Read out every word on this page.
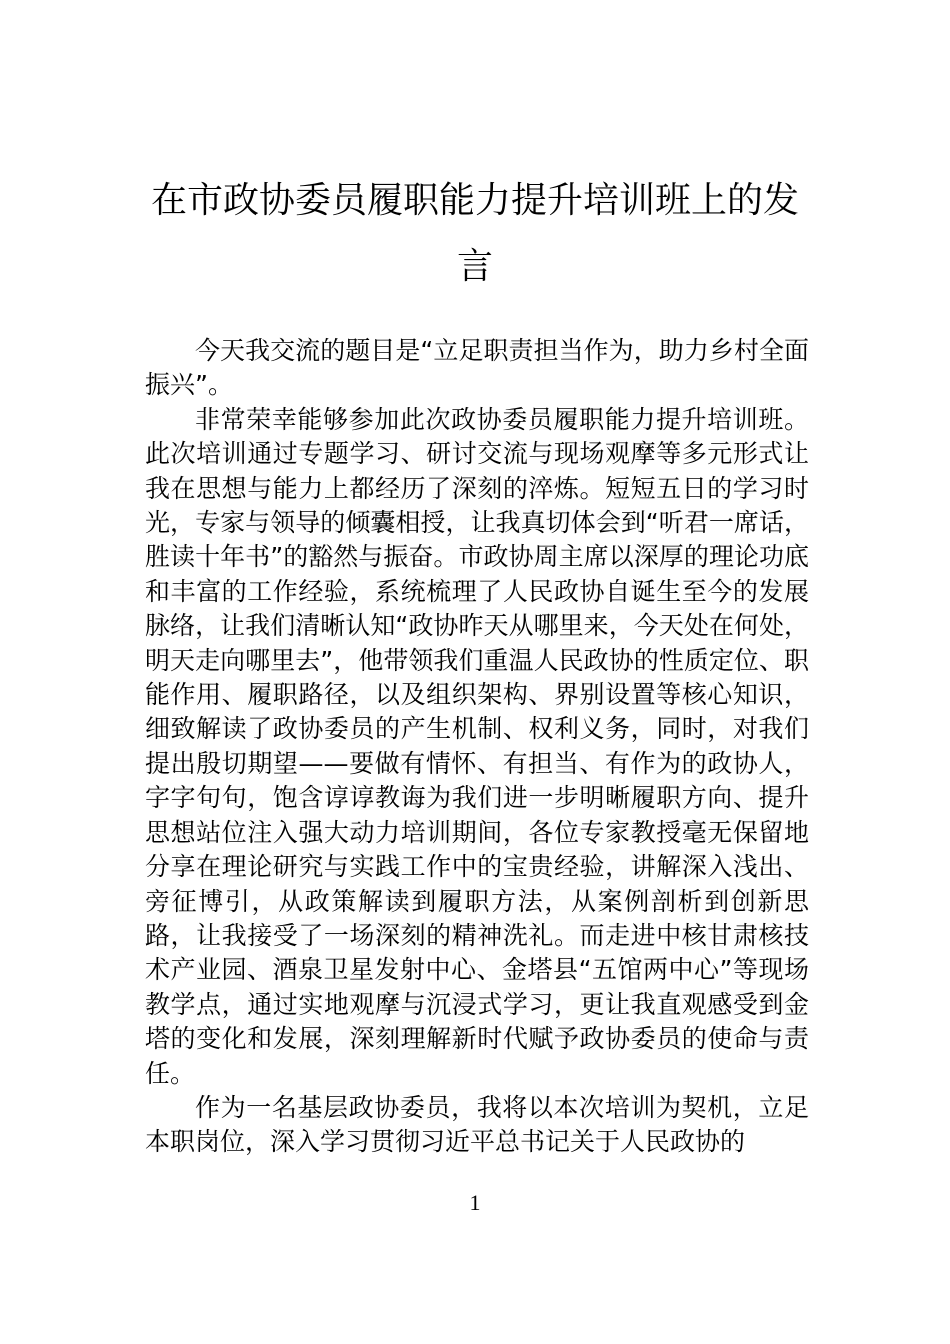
在市政协委员履职能力提升培训班上的发
言

今天我交流的题目是“立足职责担当作为，助力乡村全面振兴”。

非常荣幸能够参加此次政协委员履职能力提升培训班。此次培训通过专题学习、研讨交流与现场观摩等多元形式让我在思想与能力上都经历了深刻的淬炼。短短五日的学习时光，专家与领导的倾囊相授，让我真切体会到“听君一席话，胜读十年书”的豁然与振奋。市政协周主席以深厚的理论功底和丰富的工作经验，系统梳理了人民政协自诞生至今的发展脉络，让我们清晰认知“政协昨天从哪里来，今天处在何处，明天走向哪里去”，他带领我们重温人民政协的性质定位、职能作用、履职路径，以及组织架构、界别设置等核心知识，细致解读了政协委员的产生机制、权利义务，同时，对我们提出殷切期望——要做有情怀、有担当、有作为的政协人，字字句句，饱含谆谆教诲为我们进一步明晰履职方向、提升思想站位注入强大动力培训期间，各位专家教授毫无保留地分享在理论研究与实践工作中的宝贵经验，讲解深入浅出、旁征博引，从政策解读到履职方法，从案例剖析到创新思路，让我接受了一场深刻的精神洗礼。而走进中核甘肃核技术产业园、酒泉卫星发射中心、金塔县“五馆两中心”等现场教学点，通过实地观摩与沉浸式学习，更让我直观感受到金塔的变化和发展，深刻理解新时代赋予政协委员的使命与责任。

作为一名基层政协委员，我将以本次培训为契机，立足本职岗位，深入学习贯彻习近平总书记关于人民政协的

1
